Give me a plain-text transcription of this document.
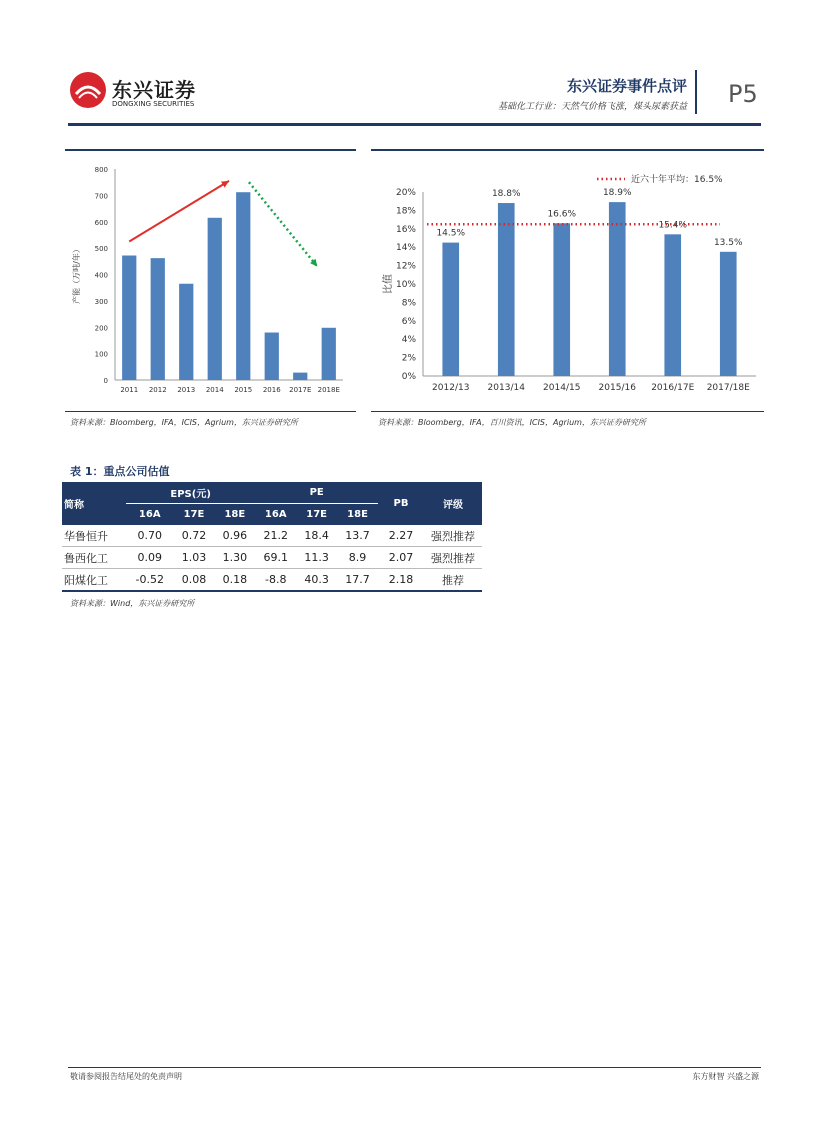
东兴证券
DONGXING SECURITIES
东兴证券事件点评
基础化工行业：天然气价格飞涨，煤头尿素获益 P5
0
100
200
300
400
500
600
700
800
2011 2012 2013 2014 2015 2016 2017E 2018E
产能（万吨/年）
资料来源：Bloomberg，IFA，ICIS，Agrium，东兴证券研究所
0%
2%
4%
6%
8%
10%
12%
14%
16%
18%
20%
2012/13
14.5%
2013/14
18.8%
2014/15
16.6%
2015/16
18.9%
2016/17E
15.4%
2017/18E
13.5%
近六十年平均：16.5%
比值
资料来源：Bloomberg，IFA，百川资讯，ICIS，Agrium，东兴证券研究所
表 1：重点公司估值
简称	EPS(元)			PE			PB	评级
	16A	17E	18E	16A	17E	18E		
华鲁恒升	0.70	0.72	0.96	21.2	18.4	13.7	2.27	强烈推荐
鲁西化工	0.09	1.03	1.30	69.1	11.3	8.9	2.07	强烈推荐
阳煤化工	-0.52	0.08	0.18	-8.8	40.3	17.7	2.18	推荐
资料来源：Wind，东兴证券研究所
敬请参阅报告结尾处的免责声明	东方财智 兴盛之源
